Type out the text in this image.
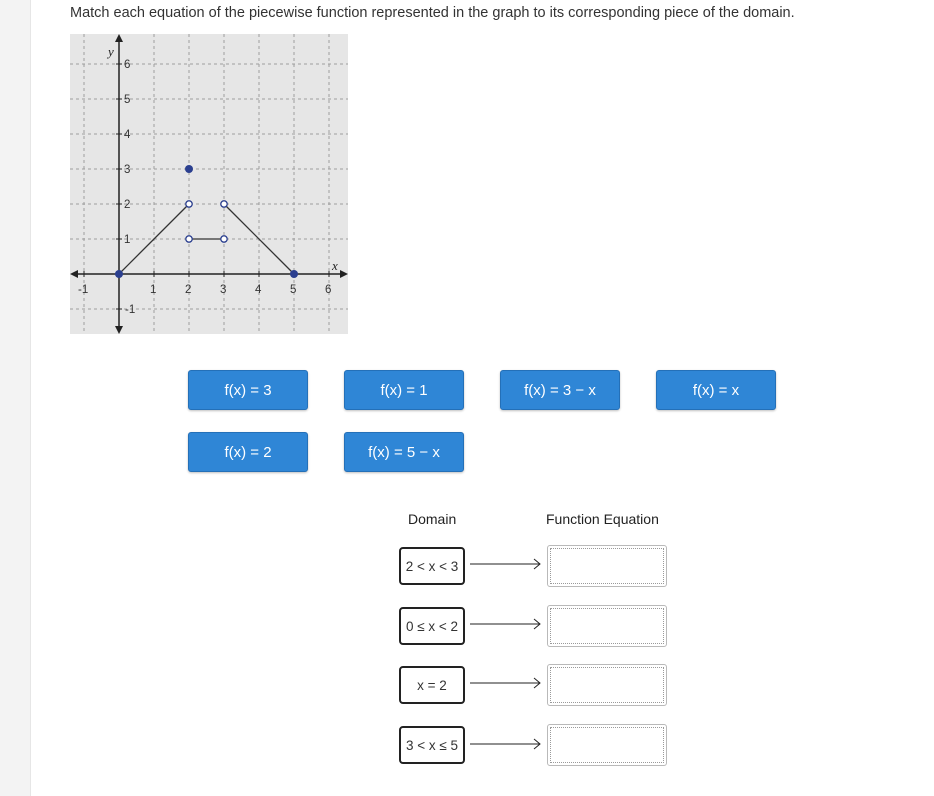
Match each equation of the piecewise function represented in the graph to its corresponding piece of the domain.
-1	1 2 3 4 5 6
6
5
4
3
2
1
-1
y
x
f(x) = 3	f(x) = 1	f(x) = 3 − x	f(x) = x
f(x) = 2	f(x) = 5 − x
Domain	Function Equation
2 < x < 3
0 ≤ x < 2
x = 2
3 < x ≤ 5
